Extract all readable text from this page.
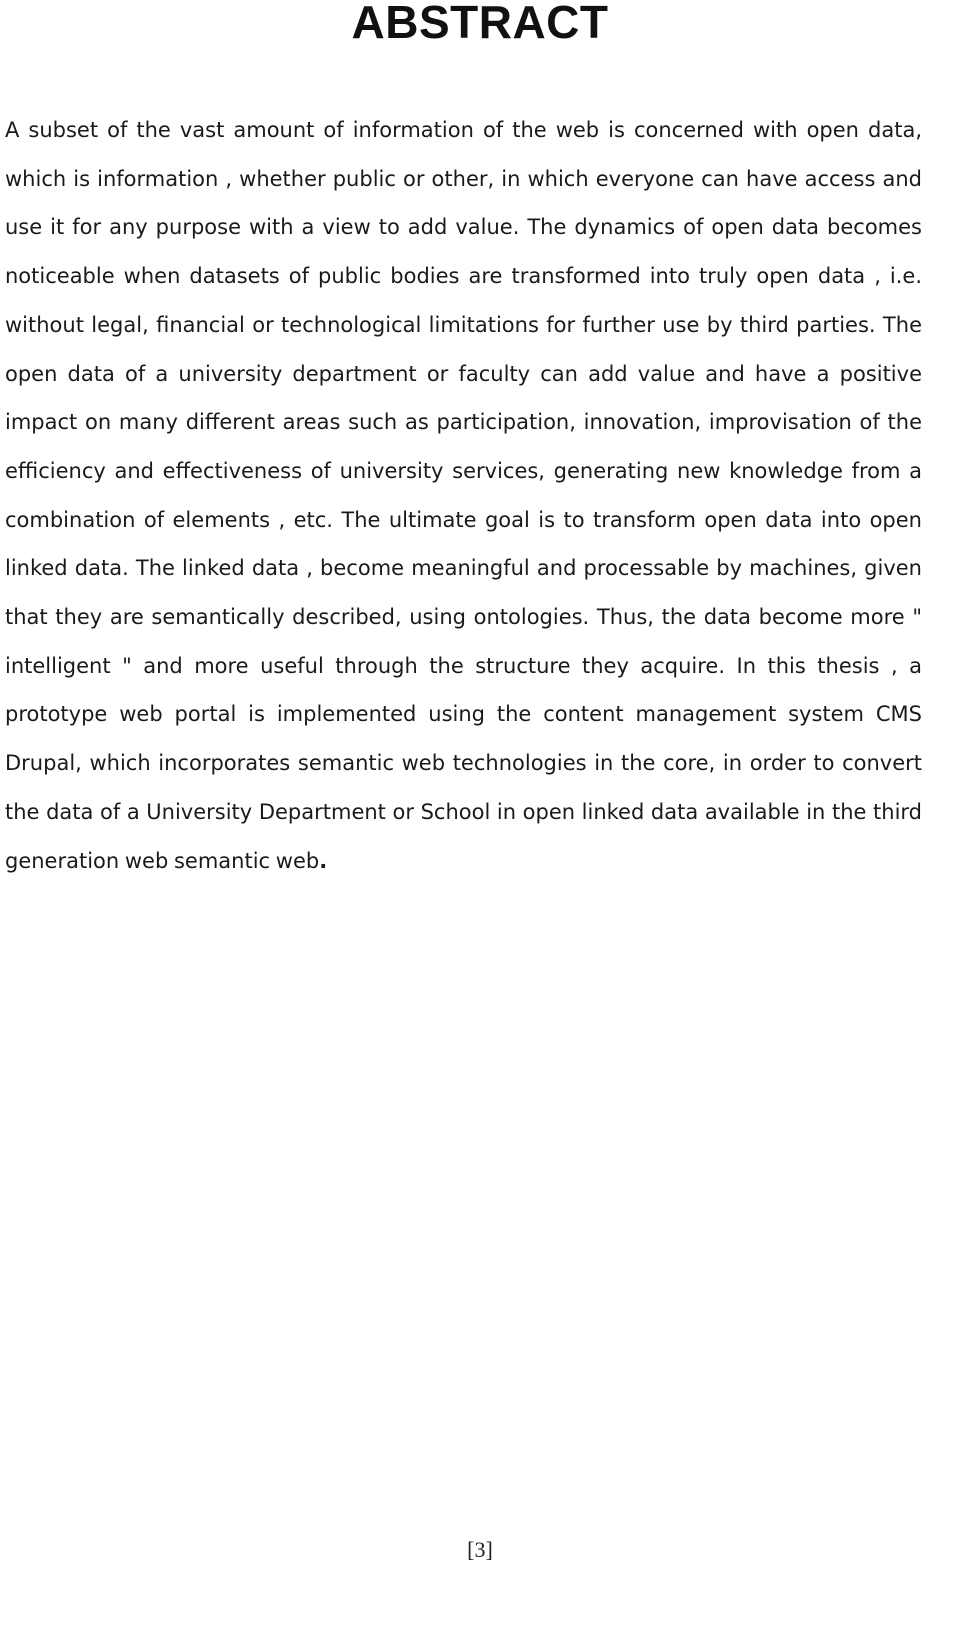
ABSTRACT

A subset of the vast amount of information of the web is concerned with open data, which is information , whether public or other, in which everyone can have access and use it for any purpose with a view to add value. The dynamics of open data becomes noticeable when datasets of public bodies are transformed into truly open data , i.e. without legal, financial or technological limitations for further use by third parties. The open data of a university department or faculty can add value and have a positive impact on many different areas such as participation, innovation, improvisation of the efficiency and effectiveness of university services, generating new knowledge from a combination of elements , etc. The ultimate goal is to transform open data into open linked data. The linked data , become meaningful and processable by machines, given that they are semantically described, using ontologies. Thus, the data become more " intelligent " and more useful through the structure they acquire. In this thesis , a prototype web portal is implemented using the content management system CMS Drupal, which incorporates semantic web technologies in the core, in order to convert the data of a University Department or School in open linked data available in the third generation web semantic web.

[3]
